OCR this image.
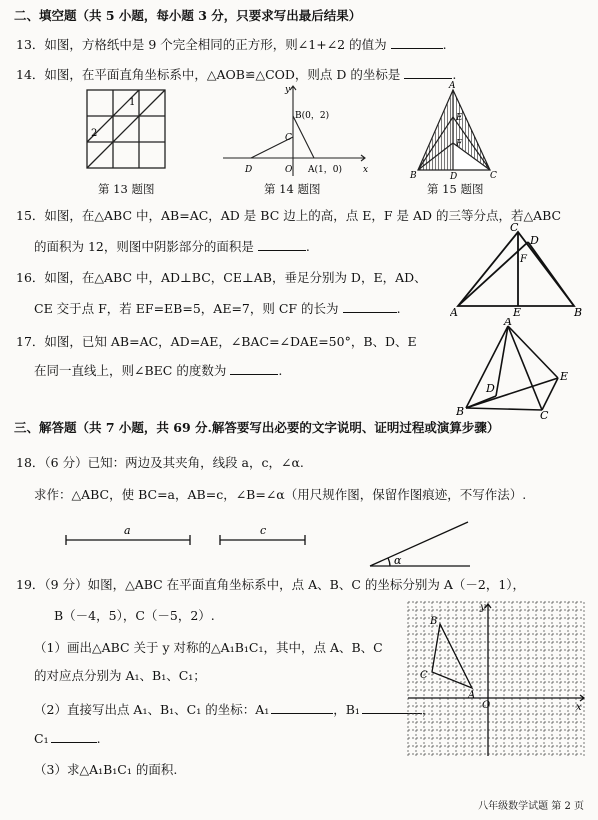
二、填空题（共 5 小题，每小题 3 分，只要求写出最后结果）
13．如图，方格纸中是 9 个完全相同的正方形，则∠1+∠2 的值为	.
14．如图，在平面直角坐标系中，△AOB≌△COD，则点 D 的坐标是	.
1
2
第 13 题图
y
x
B(0，2)
A(1，0)
O
D
C
第 14 题图
A
B	C
D
E
F
第 15 题图
15．如图，在△ABC 中，AB=AC，AD 是 BC 边上的高，点 E，F 是 AD 的三等分点，若△ABC
的面积为 12，则图中阴影部分的面积是	.
C
D
F
A	E	B
16．如图，在△ABC 中，AD⊥BC，CE⊥AB，垂足分别为 D，E，AD、
CE 交于点 F，若 EF=EB=5，AE=7，则 CF 的长为	.
17．如图，已知 AB=AC，AD=AE，∠BAC=∠DAE=50°，B、D、E
在同一直线上，则∠BEC 的度数为	.
A
D
E
B	C
三、解答题（共 7 小题，共 69 分.解答要写出必要的文字说明、证明过程或演算步骤）
18．（6 分）已知：两边及其夹角，线段 a，c，∠α.
求作：△ABC，使 BC=a，AB=c，∠B=∠α（用尺规作图，保留作图痕迹，不写作法）.
a	c
α
19．（9 分）如图，△ABC 在平面直角坐标系中，点 A、B、C 的坐标分别为 A（－2，1），
B（－4，5），C（－5，2）.
（1）画出△ABC 关于 y 对称的△A₁B₁C₁，其中，点 A、B、C
的对应点分别为 A₁、B₁、C₁；
（2）直接写出点 A₁、B₁、C₁ 的坐标：A₁	，B₁	，
C₁	.
（3）求△A₁B₁C₁ 的面积.
y
x
O
A
B
C
八年级数学试题 第 2 页
